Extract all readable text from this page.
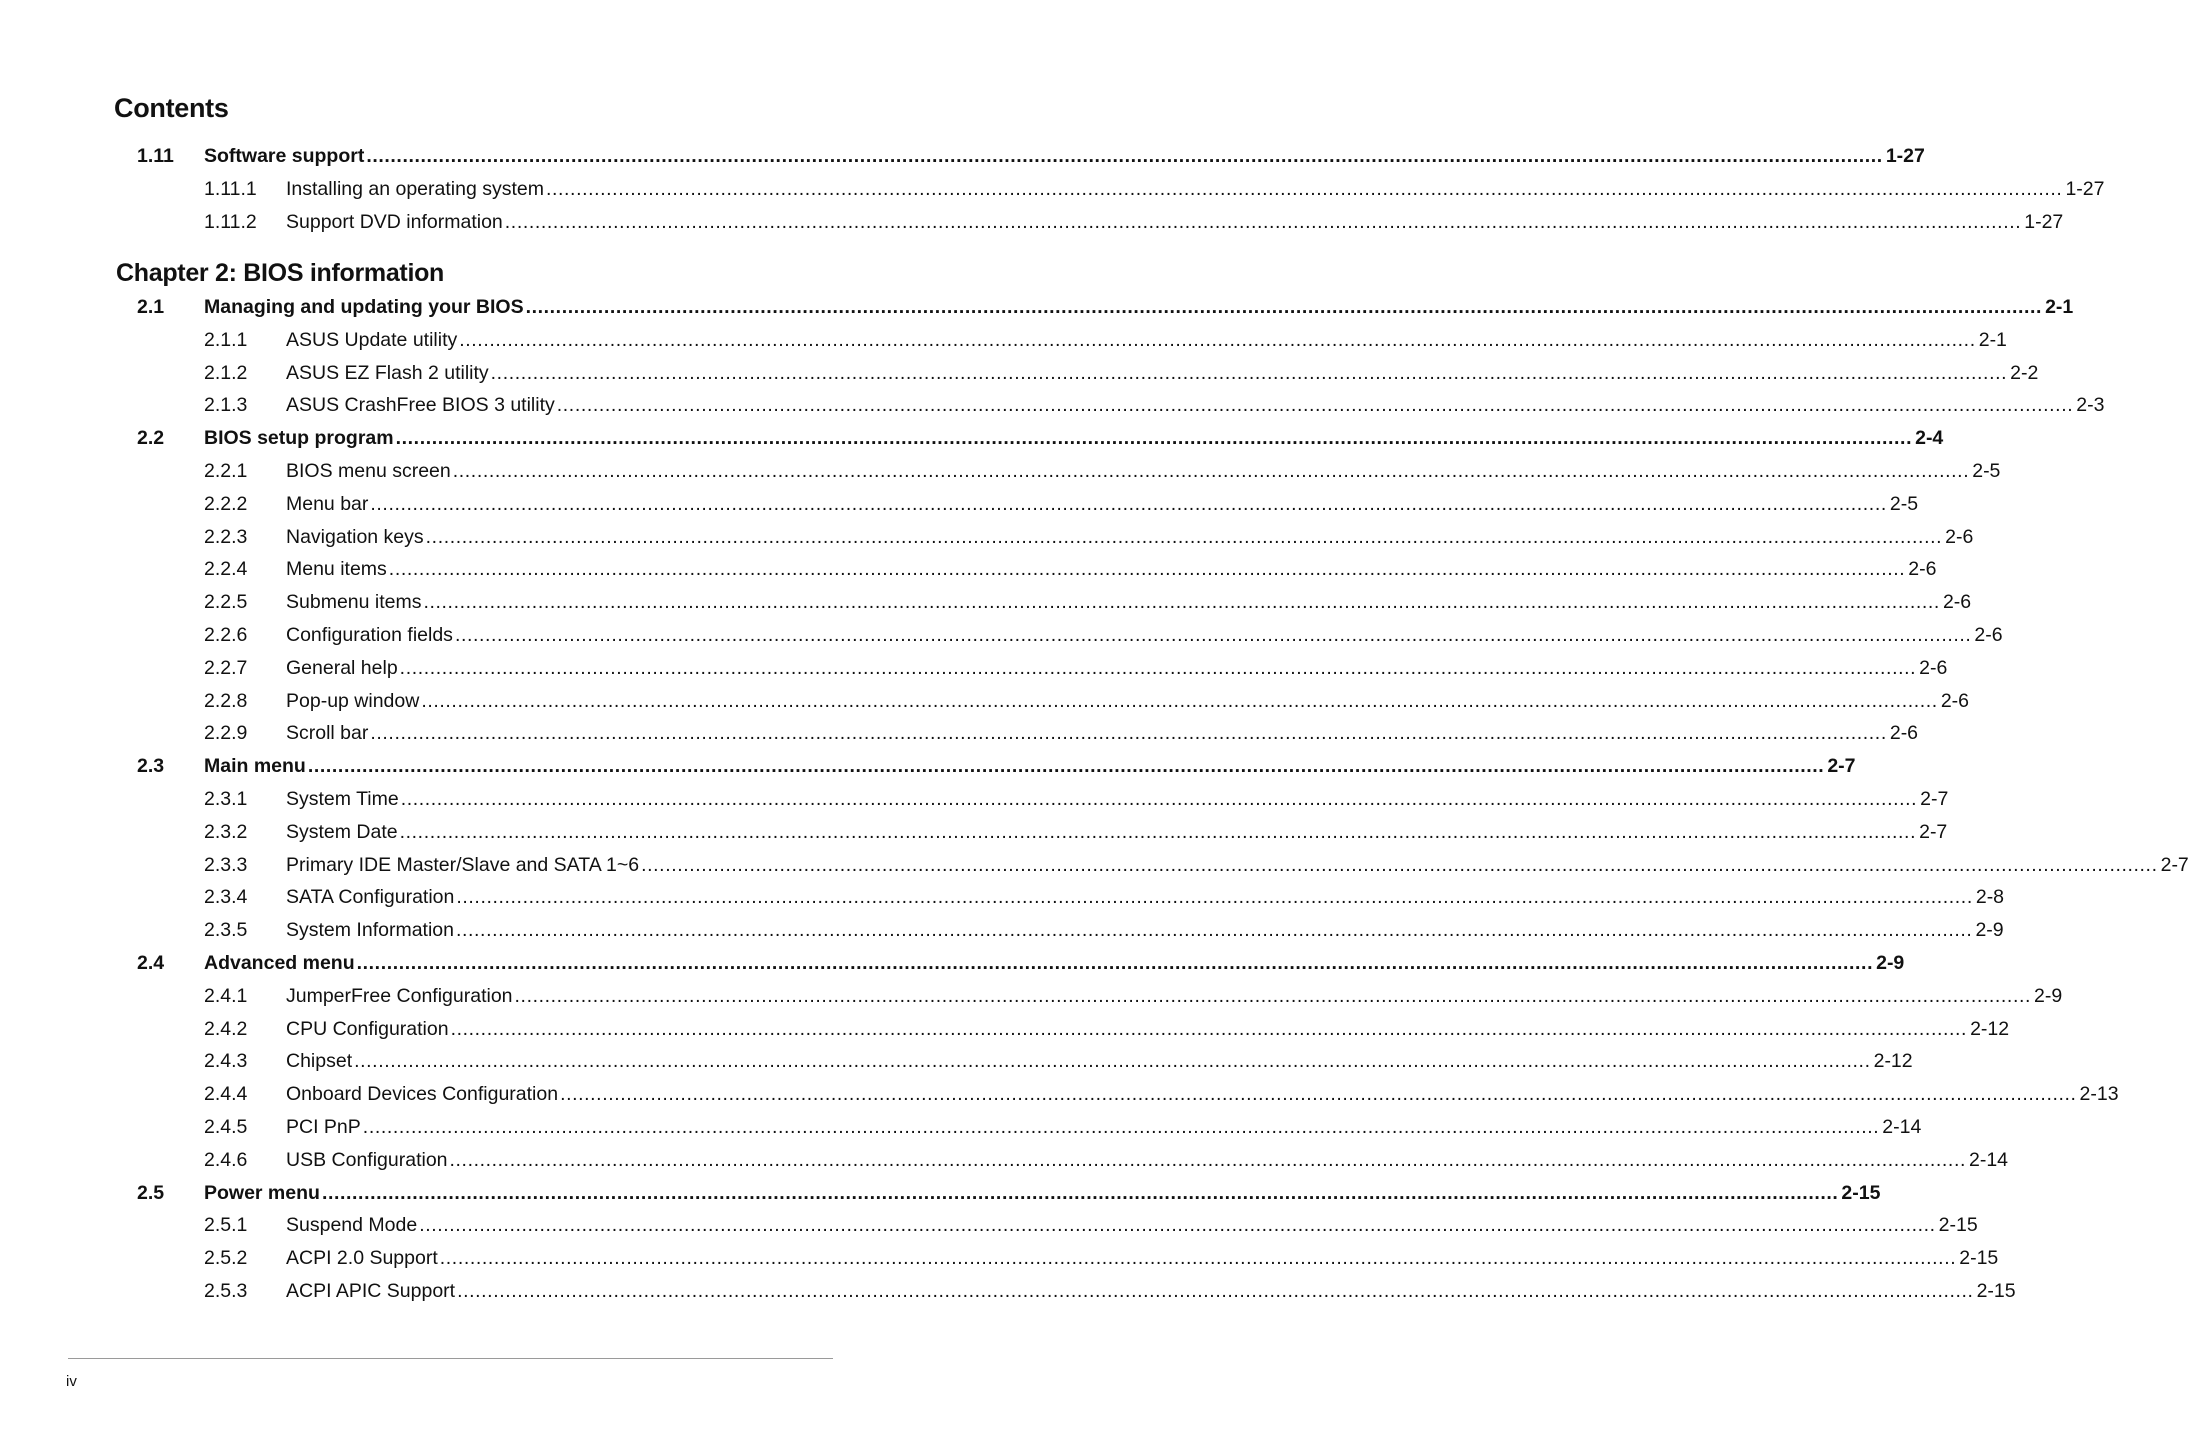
Contents
1.11 Software support ............................................................................................................................................................................................................................................................ 1-27
1.11.1 Installing an operating system ............................................................................................................................................................................................................................................................ 1-27
1.11.2 Support DVD information ............................................................................................................................................................................................................................................................ 1-27
Chapter 2: BIOS information
2.1 Managing and updating your BIOS ............................................................................................................................................................................................................................................................ 2-1
2.1.1 ASUS Update utility ............................................................................................................................................................................................................................................................ 2-1
2.1.2 ASUS EZ Flash 2 utility ............................................................................................................................................................................................................................................................ 2-2
2.1.3 ASUS CrashFree BIOS 3 utility ............................................................................................................................................................................................................................................................ 2-3
2.2 BIOS setup program ............................................................................................................................................................................................................................................................ 2-4
2.2.1 BIOS menu screen ............................................................................................................................................................................................................................................................ 2-5
2.2.2 Menu bar ............................................................................................................................................................................................................................................................ 2-5
2.2.3 Navigation keys ............................................................................................................................................................................................................................................................ 2-6
2.2.4 Menu items ............................................................................................................................................................................................................................................................ 2-6
2.2.5 Submenu items ............................................................................................................................................................................................................................................................ 2-6
2.2.6 Configuration fields ............................................................................................................................................................................................................................................................ 2-6
2.2.7 General help ............................................................................................................................................................................................................................................................ 2-6
2.2.8 Pop-up window ............................................................................................................................................................................................................................................................ 2-6
2.2.9 Scroll bar ............................................................................................................................................................................................................................................................ 2-6
2.3 Main menu ............................................................................................................................................................................................................................................................ 2-7
2.3.1 System Time ............................................................................................................................................................................................................................................................ 2-7
2.3.2 System Date ............................................................................................................................................................................................................................................................ 2-7
2.3.3 Primary IDE Master/Slave and SATA 1~6 ............................................................................................................................................................................................................................................................ 2-7
2.3.4 SATA Configuration ............................................................................................................................................................................................................................................................ 2-8
2.3.5 System Information ............................................................................................................................................................................................................................................................ 2-9
2.4 Advanced menu ............................................................................................................................................................................................................................................................ 2-9
2.4.1 JumperFree Configuration ............................................................................................................................................................................................................................................................ 2-9
2.4.2 CPU Configuration ............................................................................................................................................................................................................................................................ 2-12
2.4.3 Chipset ............................................................................................................................................................................................................................................................ 2-12
2.4.4 Onboard Devices Configuration ............................................................................................................................................................................................................................................................ 2-13
2.4.5 PCI PnP ............................................................................................................................................................................................................................................................ 2-14
2.4.6 USB Configuration ............................................................................................................................................................................................................................................................ 2-14
2.5 Power menu ............................................................................................................................................................................................................................................................ 2-15
2.5.1 Suspend Mode ............................................................................................................................................................................................................................................................ 2-15
2.5.2 ACPI 2.0 Support ............................................................................................................................................................................................................................................................ 2-15
2.5.3 ACPI APIC Support ............................................................................................................................................................................................................................................................ 2-15
iv
